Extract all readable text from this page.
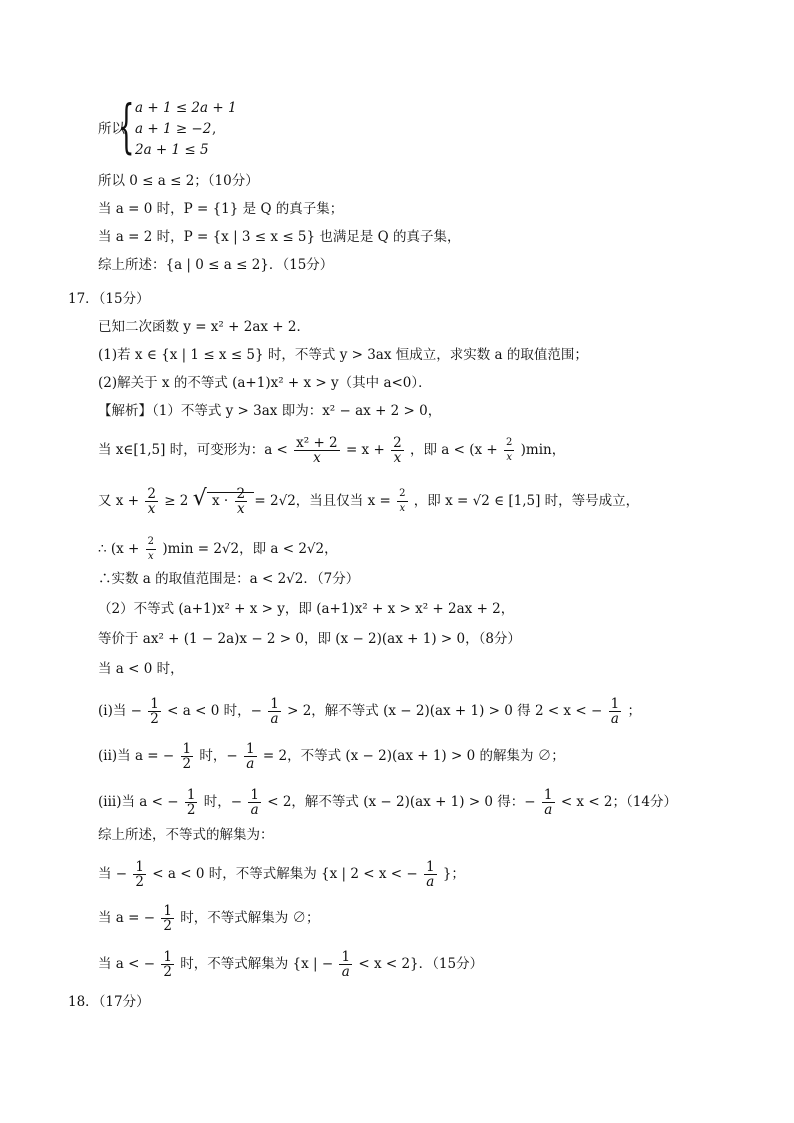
所以
{ a + 1 ≤ 2a + 1
a + 1 ≥ −2
2a + 1 ≤ 5
,
所以 0 ≤ a ≤ 2；（10分）
当 a = 0 时，P = {1} 是 Q 的真子集；
当 a = 2 时，P = {x | 3 ≤ x ≤ 5} 也满足是 Q 的真子集，
综上所述：{a | 0 ≤ a ≤ 2}．（15分）
17．（15分）
已知二次函数 y = x² + 2ax + 2．
(1)若 x ∈ {x | 1 ≤ x ≤ 5} 时，不等式 y > 3ax 恒成立，求实数 a 的取值范围；
(2)解关于 x 的不等式 (a+1)x² + x > y（其中 a<0）．
【解析】（1）不等式 y > 3ax 即为：x² − ax + 2 > 0，
当 x∈[1,5] 时，可变形为：$a < \frac{\text{x² + 2}}{x} = x + \frac{2}{x}$ ，即 $a < (x + \frac{2}{x} )\min$，
又 $x + \frac{2}{x} \ge 2$ √ $x \cdot \frac{2}{x} = 2√2$，当且仅当 $x = \frac{2}{x}$ ，即 x = √2 ∈ [1,5] 时，等号成立，
∴ $(x + \frac{2}{x} )\min = 2√2$，即 a < 2√2，
∴实数 a 的取值范围是：a < 2√2．（7分）
（2）不等式 (a+1)x² + x > y，即 (a+1)x² + x > x² + 2ax + 2，
等价于 ax² + (1 − 2a)x − 2 > 0，即 (x − 2)(ax + 1) > 0，（8分）
当 a < 0 时，
(i)当 − $\frac{1}{2} < a < 0$ 时，− $\frac{1}{a} > 2$，解不等式 (x − 2)(ax + 1) > 0 得 2 < x < − $\frac{1}{a}$ ；
(ii)当 a = − $\frac{1}{2}$ 时，− $\frac{1}{a} = 2$，不等式 (x − 2)(ax + 1) > 0 的解集为 ∅；
(iii)当 a < − $\frac{1}{2}$ 时，− $\frac{1}{a} < 2$，解不等式 (x − 2)(ax + 1) > 0 得：− $\frac{1}{a} < x < 2$；（14分）
综上所述，不等式的解集为：
当 − $\frac{1}{2} < a < 0$ 时，不等式解集为 {x | 2 < x < − $\frac{1}{a}$ }；
当 a = − $\frac{1}{2}$ 时，不等式解集为 ∅；
当 a < − $\frac{1}{2}$ 时，不等式解集为 {x | − $\frac{1}{a} < x < 2$}．（15分）
18．（17分）
